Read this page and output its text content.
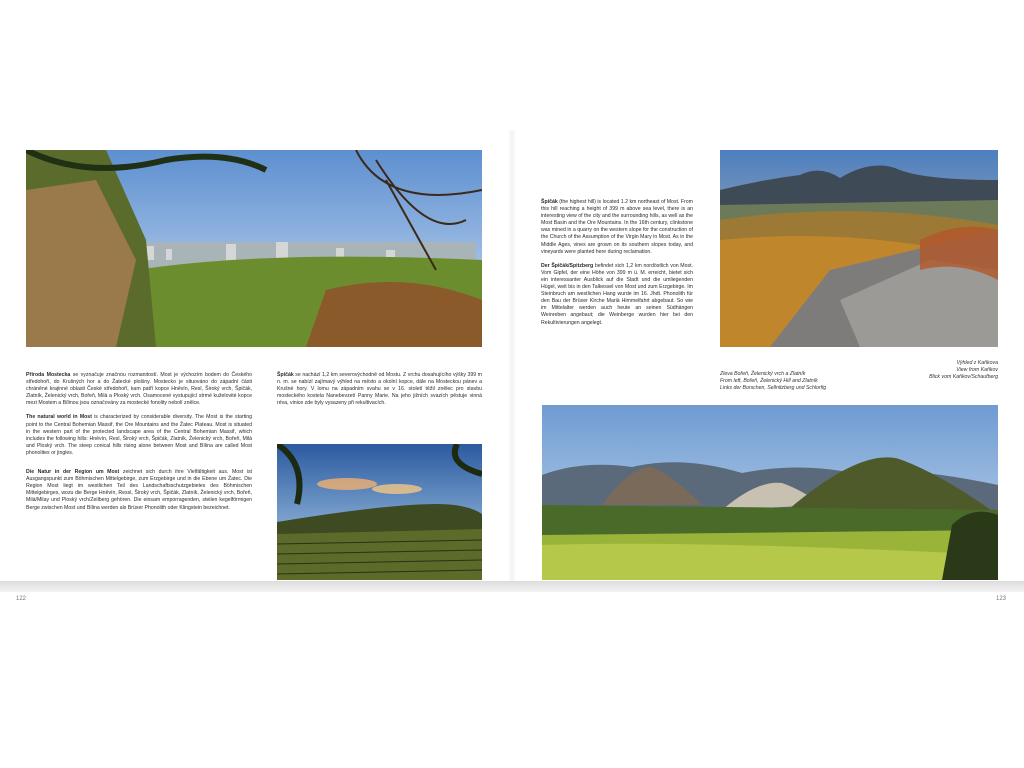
Příroda Mostecka se vyznačuje značnou rozmanitostí. Most je výchozím bodem do Českého středohoří, do Krušných hor a do Žatecké plošiny. Mostecko je situováno do západní části chráněné krajinné oblasti České středohoří, kam patří kopce Hněvín, Resl, Široký vrch, Špičák, Zlatník, Želenický vrch, Bořeň, Milá a Ploský vrch. Osamocené vystupující strmé kuželovité kopce mezi Mostem a Bílinou jsou označovány za mostecké fonolity nebolí znělce.

The natural world in Most is characterized by considerable diversity. The Most is the starting point to the Central Bohemian Massif, the Ore Mountains and the Žatec Plateau. Most is situated in the western part of the protected landscape area of the Central Bohemian Massif, which includes the following hills: Hněvín, Resl, Široký vrch, Špičák, Zlatník, Želenický vrch, Bořeň, Milá and Ploský vrch. The steep conical hills rising alone between Most and Bílina are called Most phonolites or jingles.

Die Natur in der Region um Most zeichnet sich durch ihre Vielfältigkeit aus. Most ist Ausgangspunkt zum Böhmischen Mittelgebirge, zum Erzgebirge und in die Ebene um Žatec. Die Region Most liegt im westlichen Teil des Landschaftsschutzgebietes des Böhmischen Mittelgebirges, wozu die Berge Hněvín, Ressl, Široký vrch, Špičák, Zlatník, Želenický vrch, Bořeň, Milá/Milay und Ploský vrch/Zeilberg gehören. Die einsam emporragenden, steilen kegelförmigen Berge zwischen Most und Bílina werden als Brüxer Phonolith oder Klingstein bezeichnet.

Špičák se nachází 1,2 km severovýchodně od Mostu. Z vrchu dosahujícího výšky 399 m n. m. se nabízí zajímavý výhled na město a okolní kopce, dále na Mosteckou pánev a Krušné hory. V lomu na západním svahu se v 16. století těžil znělec pro stavbu mosteckého kostela Nanebevzetí Panny Marie. Na jeho jižních svazích pěstuje vinná réva, vinice zde byly vysazeny při rekultivacích.

Špičák (the highest hill) is located 1.2 km northeast of Most. From this hill reaching a height of 399 m above sea level, there is an interesting view of the city and the surrounding hills, as well as the Most Basin and the Ore Mountains. In the 16th century, clinkstone was mined in a quarry on the western slope for the construction of the Church of the Assumption of the Virgin Mary in Most. As in the Middle Ages, vines are grown on its southern slopes today, and vineyards were planted here during reclamation.

Der Špičák/Spitzberg befindet sich 1,2 km nordöstlich von Most. Vom Gipfel, der eine Höhe von 399 m ü. M. erreicht, bietet sich ein interessanter Ausblick auf die Stadt und die umliegenden Hügel, weit bis in den Talkessel von Most und zum Erzgebirge. Im Steinbruch am westlichen Hang wurde im 16. Jhdt. Phonolith für den Bau der Brüxer Kirche Mariä Himmelfahrt abgebaut. So wie im Mittelalter werden auch heute an seinen Südhängen Weinreben angebaut; die Weinberge wurden hier bei den Rekultivierungen angelegt.

Výhled z Kaňkova
View from Kaňkov
Blick vom Kaňkov/Schaufberg
Zleva Bořeň, Želenický vrch a Zlatník
From left, Bořeň, Želenický Hill and Zlatník
Links der Borschen, Sellnitzberg und Schlorfig
122	123
